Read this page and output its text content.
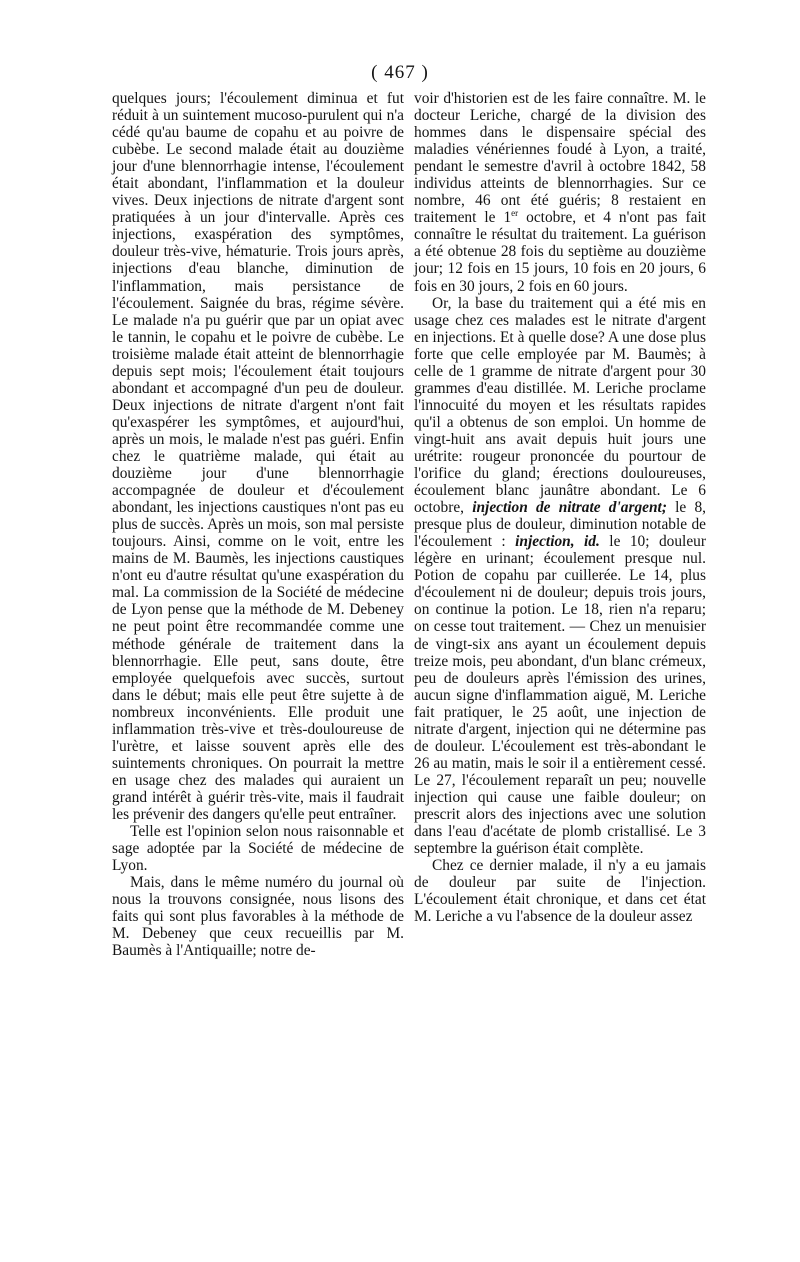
( 467 )

quelques jours; l'écoulement diminua et fut réduit à un suintement mucoso-purulent qui n'a cédé qu'au baume de copahu et au poivre de cubèbe. Le second malade était au douzième jour d'une blennorrhagie intense, l'écoulement était abondant, l'inflammation et la douleur vives. Deux injections de nitrate d'argent sont pratiquées à un jour d'intervalle. Après ces injections, exaspération des symptômes, douleur très-vive, hématurie. Trois jours après, injections d'eau blanche, diminution de l'inflammation, mais persistance de l'écoulement. Saignée du bras, régime sévère. Le malade n'a pu guérir que par un opiat avec le tannin, le copahu et le poivre de cubèbe. Le troisième malade était atteint de blennorrhagie depuis sept mois; l'écoulement était toujours abondant et accompagné d'un peu de douleur. Deux injections de nitrate d'argent n'ont fait qu'exaspérer les symptômes, et aujourd'hui, après un mois, le malade n'est pas guéri. Enfin chez le quatrième malade, qui était au douzième jour d'une blennorrhagie accompagnée de douleur et d'écoulement abondant, les injections caustiques n'ont pas eu plus de succès. Après un mois, son mal persiste toujours. Ainsi, comme on le voit, entre les mains de M. Baumès, les injections caustiques n'ont eu d'autre résultat qu'une exaspération du mal. La commission de la Société de médecine de Lyon pense que la méthode de M. Debeney ne peut point être recommandée comme une méthode générale de traitement dans la blennorrhagie. Elle peut, sans doute, être employée quelquefois avec succès, surtout dans le début; mais elle peut être sujette à de nombreux inconvénients. Elle produit une inflammation très-vive et très-douloureuse de l'urètre, et laisse souvent après elle des suintements chroniques. On pourrait la mettre en usage chez des malades qui auraient un grand intérêt à guérir très-vite, mais il faudrait les prévenir des dangers qu'elle peut entraîner.

Telle est l'opinion selon nous raisonnable et sage adoptée par la Société de médecine de Lyon.

Mais, dans le même numéro du journal où nous la trouvons consignée, nous lisons des faits qui sont plus favorables à la méthode de M. Debeney que ceux recueillis par M. Baumès à l'Antiquaille; notre de-

voir d'historien est de les faire connaître. M. le docteur Leriche, chargé de la division des hommes dans le dispensaire spécial des maladies vénériennes foudé à Lyon, a traité, pendant le semestre d'avril à octobre 1842, 58 individus atteints de blennorrhagies. Sur ce nombre, 46 ont été guéris; 8 restaient en traitement le 1er octobre, et 4 n'ont pas fait connaître le résultat du traitement. La guérison a été obtenue 28 fois du septième au douzième jour; 12 fois en 15 jours, 10 fois en 20 jours, 6 fois en 30 jours, 2 fois en 60 jours.

Or, la base du traitement qui a été mis en usage chez ces malades est le nitrate d'argent en injections. Et à quelle dose? A une dose plus forte que celle employée par M. Baumès; à celle de 1 gramme de nitrate d'argent pour 30 grammes d'eau distillée. M. Leriche proclame l'innocuité du moyen et les résultats rapides qu'il a obtenus de son emploi. Un homme de vingt-huit ans avait depuis huit jours une urétrite: rougeur prononcée du pourtour de l'orifice du gland; érections douloureuses, écoulement blanc jaunâtre abondant. Le 6 octobre, injection de nitrate d'argent; le 8, presque plus de douleur, diminution notable de l'écoulement : injection, id. le 10; douleur légère en urinant; écoulement presque nul. Potion de copahu par cuillerée. Le 14, plus d'écoulement ni de douleur; depuis trois jours, on continue la potion. Le 18, rien n'a reparu; on cesse tout traitement. — Chez un menuisier de vingt-six ans ayant un écoulement depuis treize mois, peu abondant, d'un blanc crémeux, peu de douleurs après l'émission des urines, aucun signe d'inflammation aiguë, M. Leriche fait pratiquer, le 25 août, une injection de nitrate d'argent, injection qui ne détermine pas de douleur. L'écoulement est très-abondant le 26 au matin, mais le soir il a entièrement cessé. Le 27, l'écoulement reparaît un peu; nouvelle injection qui cause une faible douleur; on prescrit alors des injections avec une solution dans l'eau d'acétate de plomb cristallisé. Le 3 septembre la guérison était complète.

Chez ce dernier malade, il n'y a eu jamais de douleur par suite de l'injection. L'écoulement était chronique, et dans cet état M. Leriche a vu l'absence de la douleur assez
